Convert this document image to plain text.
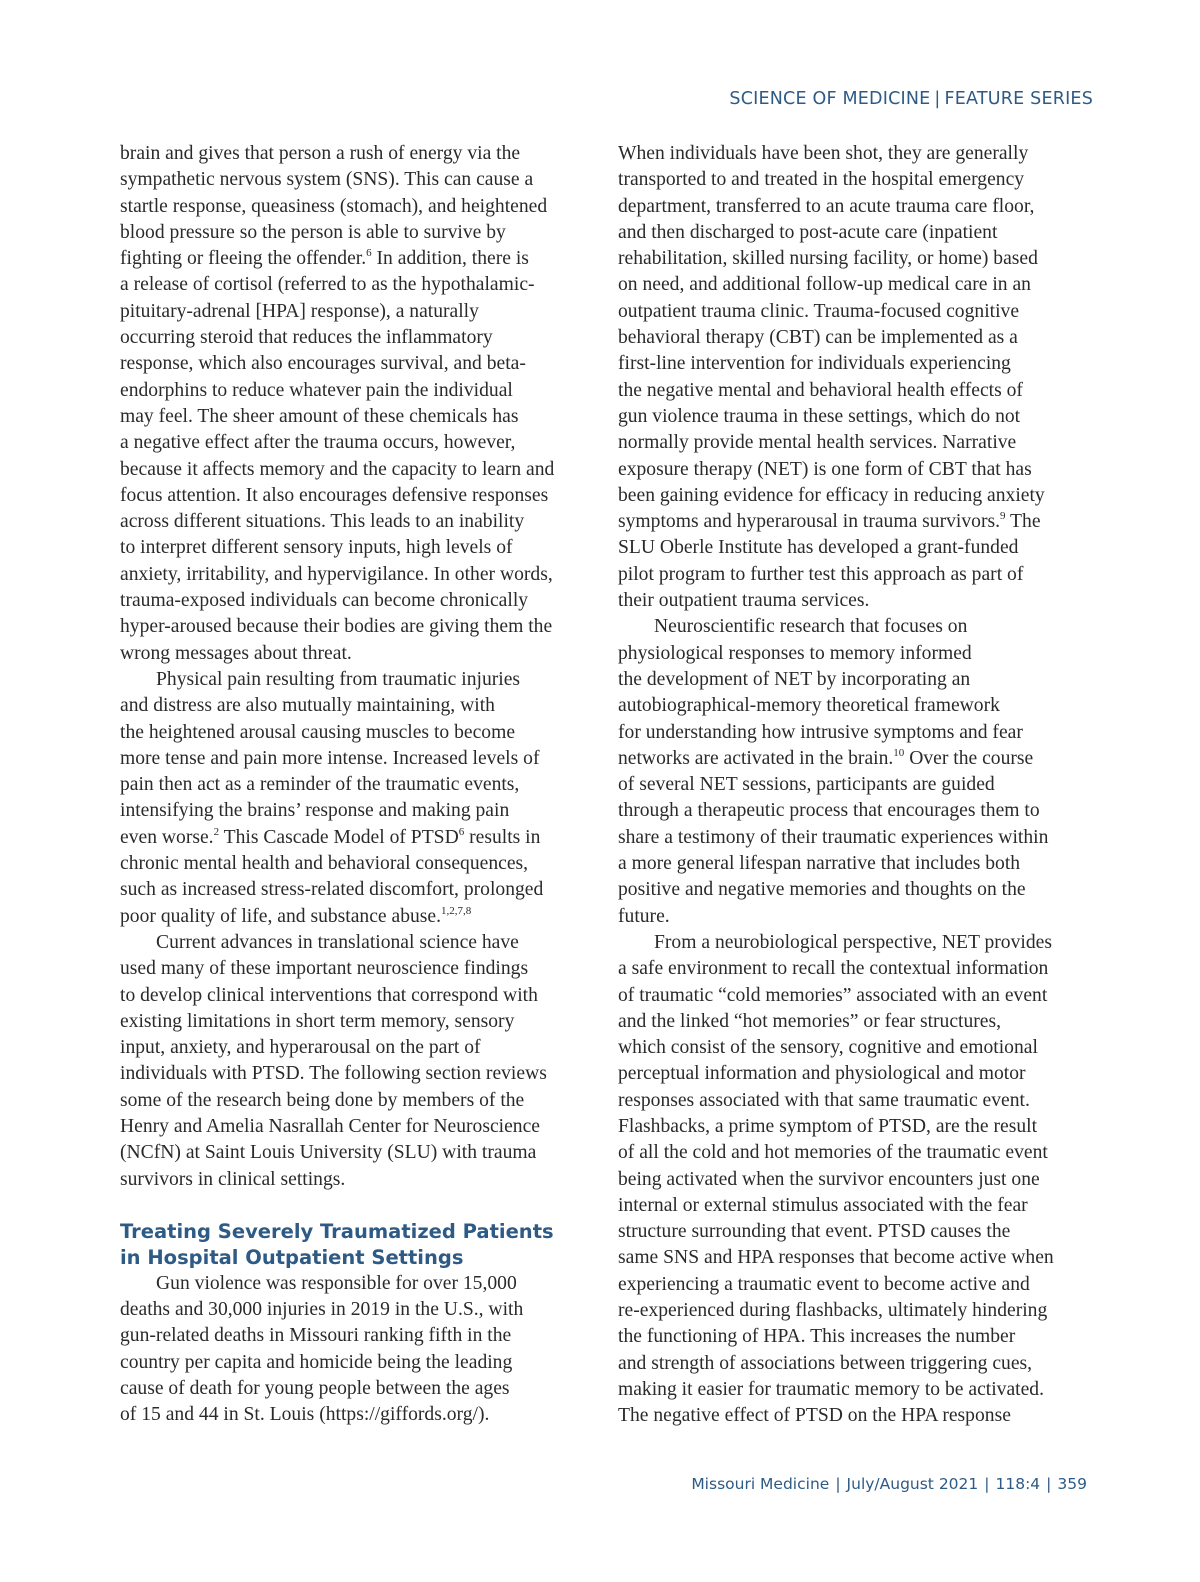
SCIENCE OF MEDICINE | FEATURE SERIES
brain and gives that person a rush of energy via the
sympathetic nervous system (SNS). This can cause a
startle response, queasiness (stomach), and heightened
blood pressure so the person is able to survive by
fighting or fleeing the offender.$^6$ In addition, there is
a release of cortisol (referred to as the hypothalamic-
pituitary-adrenal [HPA] response), a naturally
occurring steroid that reduces the inflammatory
response, which also encourages survival, and beta-
endorphins to reduce whatever pain the individual
may feel. The sheer amount of these chemicals has
a negative effect after the trauma occurs, however,
because it affects memory and the capacity to learn and
focus attention. It also encourages defensive responses
across different situations. This leads to an inability
to interpret different sensory inputs, high levels of
anxiety, irritability, and hypervigilance. In other words,
trauma-exposed individuals can become chronically
hyper-aroused because their bodies are giving them the
wrong messages about threat.
Physical pain resulting from traumatic injuries
and distress are also mutually maintaining, with
the heightened arousal causing muscles to become
more tense and pain more intense. Increased levels of
pain then act as a reminder of the traumatic events,
intensifying the brains’ response and making pain
even worse.$^2$ This Cascade Model of PTSD$^6$ results in
chronic mental health and behavioral consequences,
such as increased stress-related discomfort, prolonged
poor quality of life, and substance abuse.$^{1,2,7,8}$
Current advances in translational science have
used many of these important neuroscience findings
to develop clinical interventions that correspond with
existing limitations in short term memory, sensory
input, anxiety, and hyperarousal on the part of
individuals with PTSD. The following section reviews
some of the research being done by members of the
Henry and Amelia Nasrallah Center for Neuroscience
(NCfN) at Saint Louis University (SLU) with trauma
survivors in clinical settings.
Treating Severely Traumatized Patients
in Hospital Outpatient Settings
Gun violence was responsible for over 15,000
deaths and 30,000 injuries in 2019 in the U.S., with
gun-related deaths in Missouri ranking fifth in the
country per capita and homicide being the leading
cause of death for young people between the ages
of 15 and 44 in St. Louis (https://giffords.org/).
When individuals have been shot, they are generally
transported to and treated in the hospital emergency
department, transferred to an acute trauma care floor,
and then discharged to post-acute care (inpatient
rehabilitation, skilled nursing facility, or home) based
on need, and additional follow-up medical care in an
outpatient trauma clinic. Trauma-focused cognitive
behavioral therapy (CBT) can be implemented as a
first-line intervention for individuals experiencing
the negative mental and behavioral health effects of
gun violence trauma in these settings, which do not
normally provide mental health services. Narrative
exposure therapy (NET) is one form of CBT that has
been gaining evidence for efficacy in reducing anxiety
symptoms and hyperarousal in trauma survivors.$^9$ The
SLU Oberle Institute has developed a grant-funded
pilot program to further test this approach as part of
their outpatient trauma services.
Neuroscientific research that focuses on
physiological responses to memory informed
the development of NET by incorporating an
autobiographical-memory theoretical framework
for understanding how intrusive symptoms and fear
networks are activated in the brain.$^{10}$ Over the course
of several NET sessions, participants are guided
through a therapeutic process that encourages them to
share a testimony of their traumatic experiences within
a more general lifespan narrative that includes both
positive and negative memories and thoughts on the
future.
From a neurobiological perspective, NET provides
a safe environment to recall the contextual information
of traumatic “cold memories” associated with an event
and the linked “hot memories” or fear structures,
which consist of the sensory, cognitive and emotional
perceptual information and physiological and motor
responses associated with that same traumatic event.
Flashbacks, a prime symptom of PTSD, are the result
of all the cold and hot memories of the traumatic event
being activated when the survivor encounters just one
internal or external stimulus associated with the fear
structure surrounding that event. PTSD causes the
same SNS and HPA responses that become active when
experiencing a traumatic event to become active and
re-experienced during flashbacks, ultimately hindering
the functioning of HPA. This increases the number
and strength of associations between triggering cues,
making it easier for traumatic memory to be activated.
The negative effect of PTSD on the HPA response
Missouri Medicine | July/August 2021 | 118:4 | 359
